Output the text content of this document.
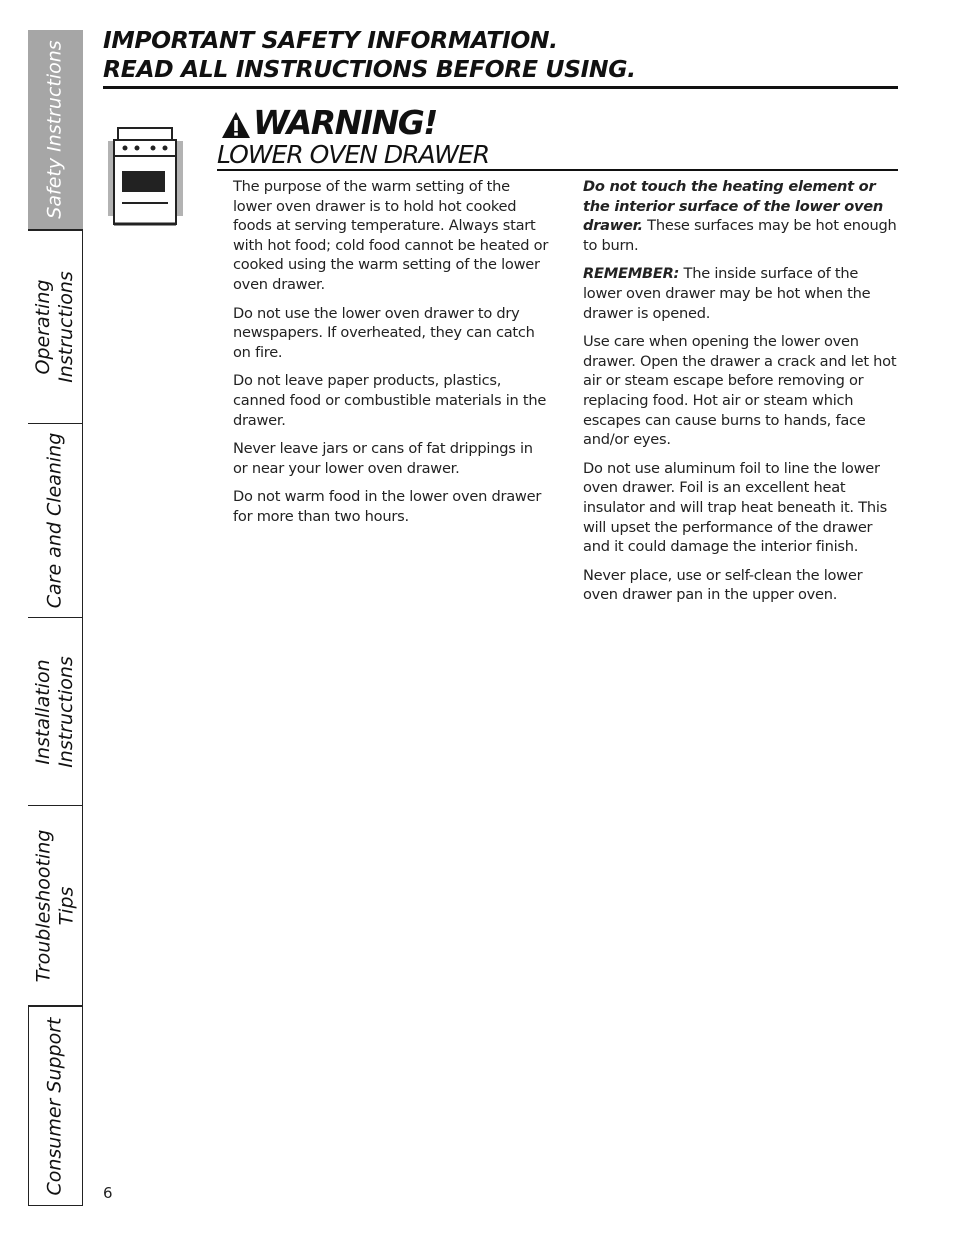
Safety Instructions
Operating
Instructions
Care and Cleaning
Installation
Instructions
Troubleshooting
Tips
Consumer Support
IMPORTANT SAFETY INFORMATION.
READ ALL INSTRUCTIONS BEFORE USING.
WARNING!
LOWER OVEN DRAWER

The purpose of the warm setting of the lower oven drawer is to hold hot cooked foods at serving temperature. Always start with hot food; cold food cannot be heated or cooked using the warm setting of the lower oven drawer.

Do not use the lower oven drawer to dry newspapers. If overheated, they can catch on fire.

Do not leave paper products, plastics, canned food or combustible materials in the drawer.

Never leave jars or cans of fat drippings in or near your lower oven drawer.

Do not warm food in the lower oven drawer for more than two hours.

Do not touch the heating element or the interior surface of the lower oven drawer. These surfaces may be hot enough to burn.

REMEMBER: The inside surface of the lower oven drawer may be hot when the drawer is opened.

Use care when opening the lower oven drawer. Open the drawer a crack and let hot air or steam escape before removing or replacing food. Hot air or steam which escapes can cause burns to hands, face and/or eyes.

Do not use aluminum foil to line the lower oven drawer. Foil is an excellent heat insulator and will trap heat beneath it. This will upset the performance of the drawer and it could damage the interior finish.

Never place, use or self-clean the lower oven drawer pan in the upper oven.

6
